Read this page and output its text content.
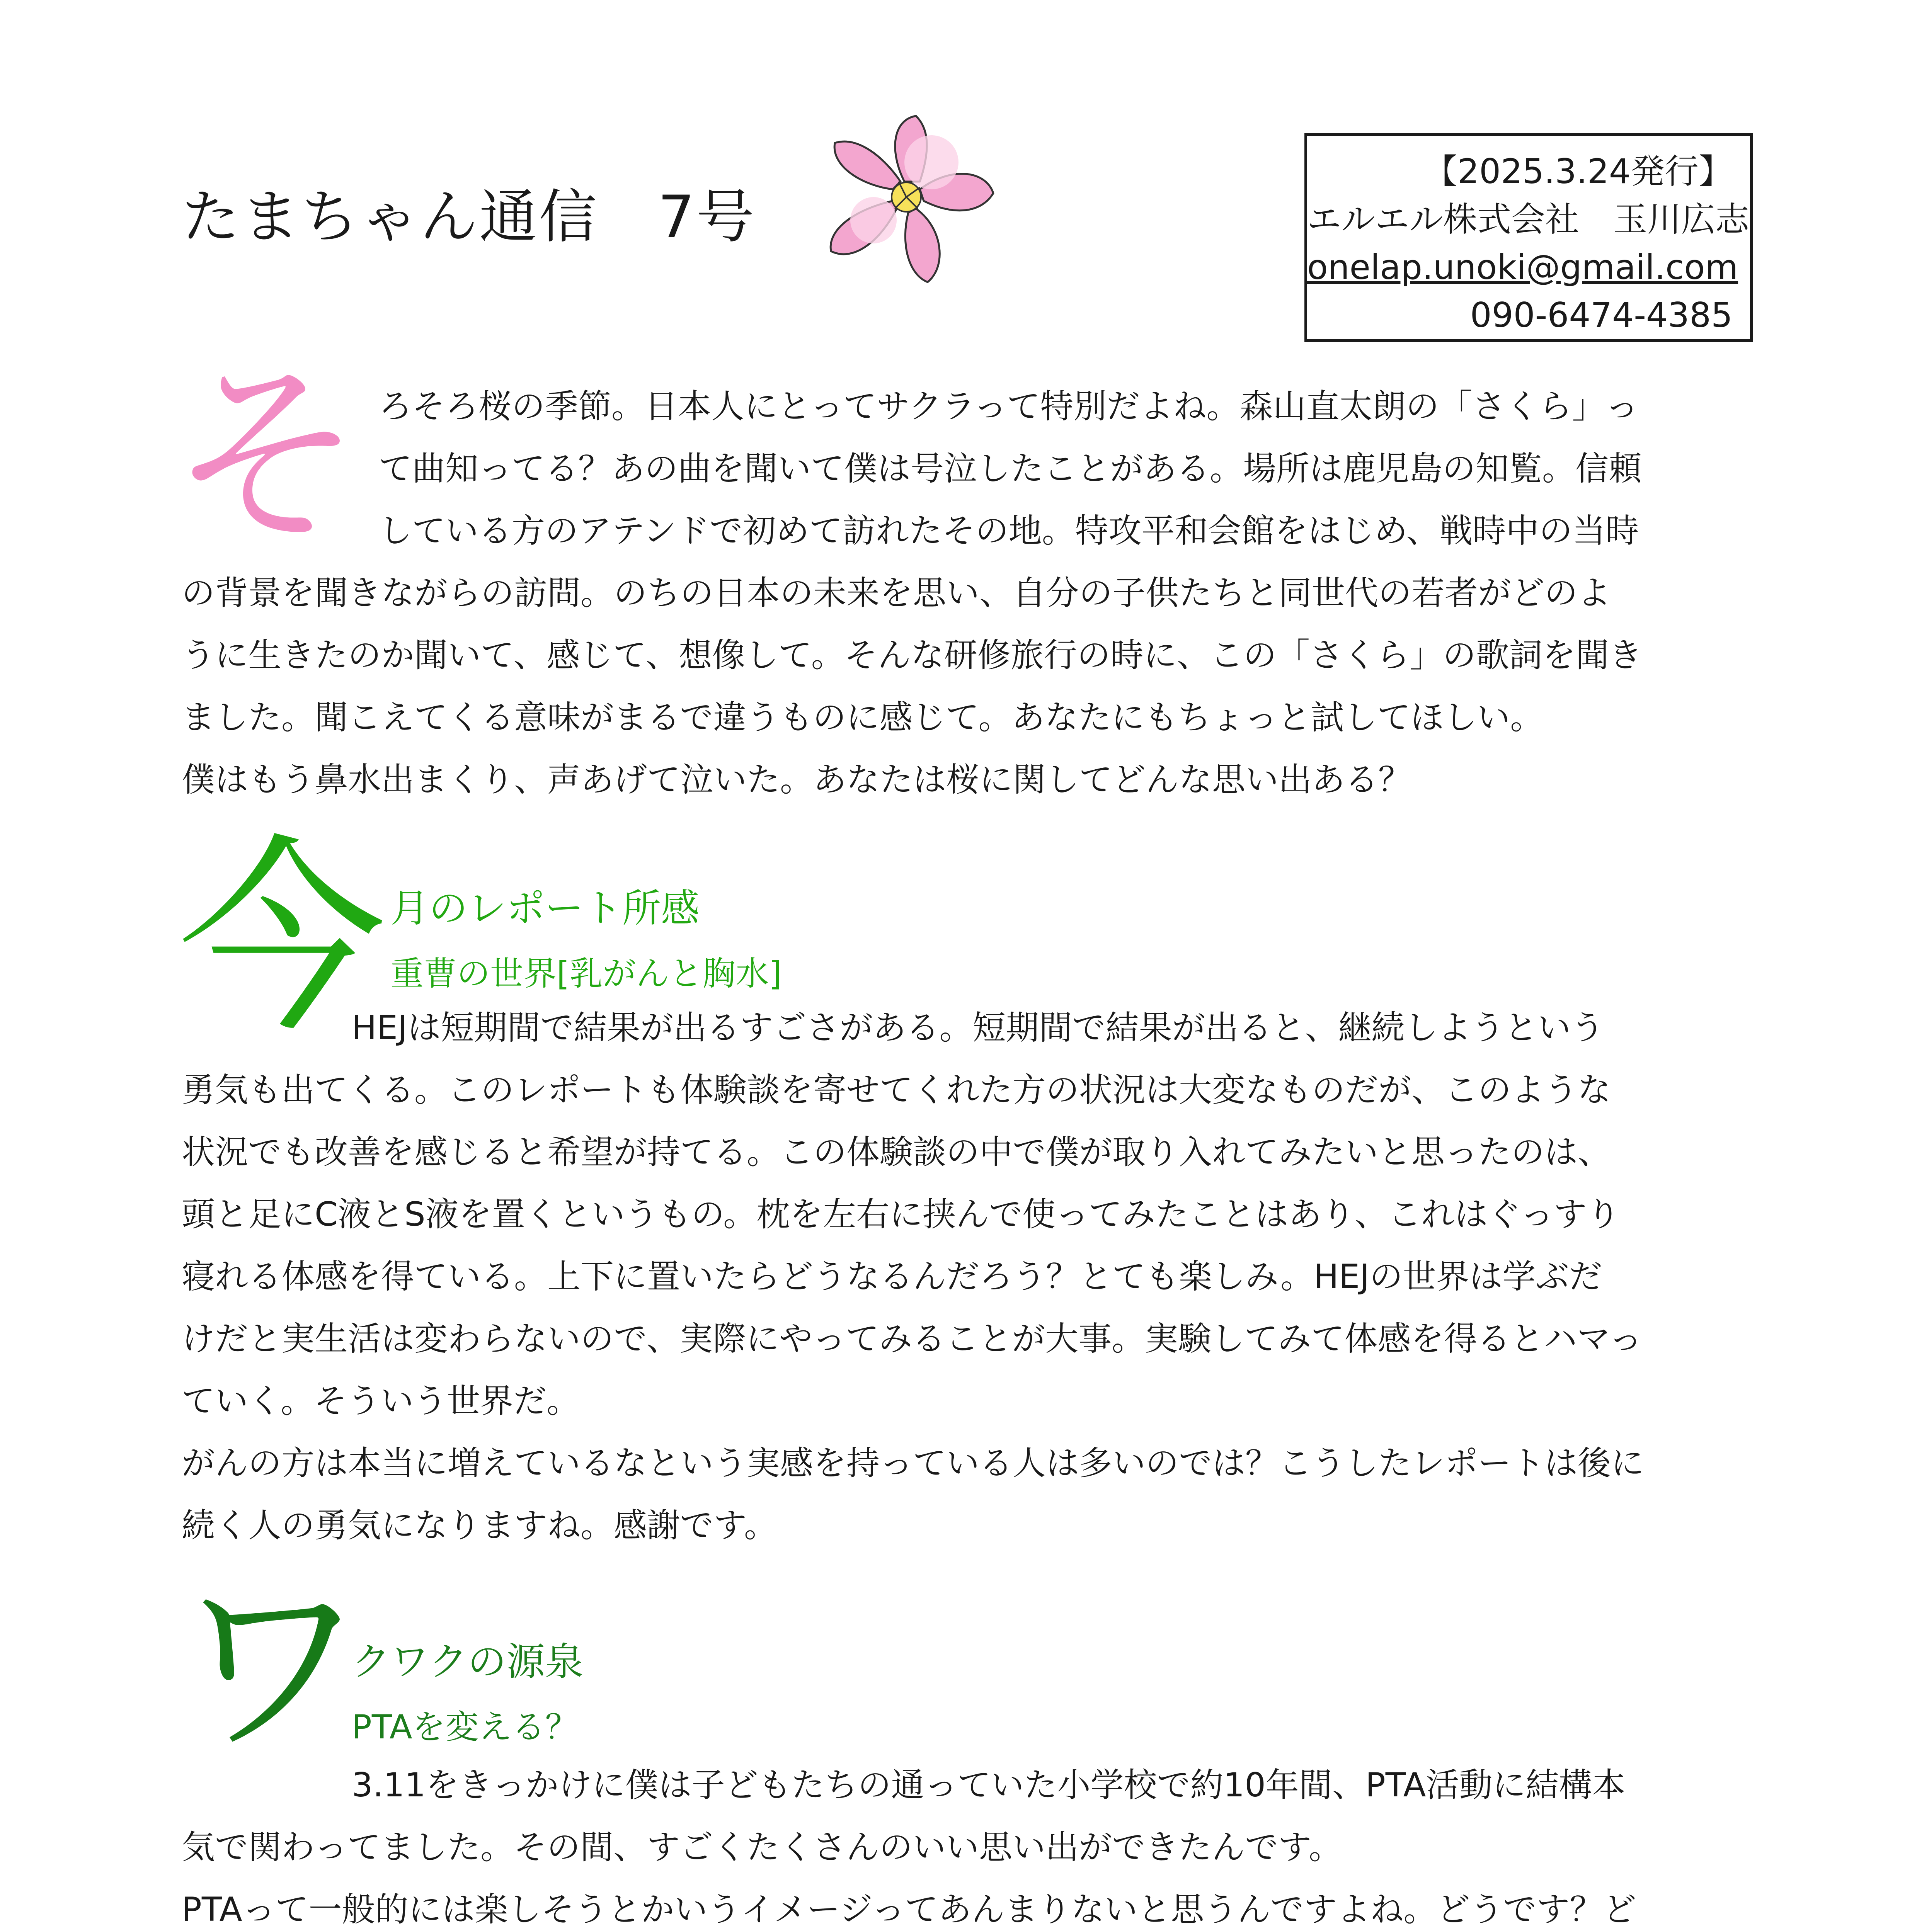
たまちゃん通信　7号
【2025.3.24発行】
エルエル株式会社　玉川広志
onelap.unoki@gmail.com
090-6474-4385
そ ろそろ桜の季節。日本人にとってサクラって特別だよね。森山直太朗の「さくら」っ
て曲知ってる？あの曲を聞いて僕は号泣したことがある。場所は鹿児島の知覧。信頼
している方のアテンドで初めて訪れたその地。特攻平和会館をはじめ、戦時中の当時
の背景を聞きながらの訪問。のちの日本の未来を思い、自分の子供たちと同世代の若者がどのよ
うに生きたのか聞いて、感じて、想像して。そんな研修旅行の時に、この「さくら」の歌詞を聞き
ました。聞こえてくる意味がまるで違うものに感じて。あなたにもちょっと試してほしい。
僕はもう鼻水出まくり、声あげて泣いた。あなたは桜に関してどんな思い出ある？
今 月のレポート所感
重曹の世界[乳がんと胸水]
HEJは短期間で結果が出るすごさがある。短期間で結果が出ると、継続しようという
勇気も出てくる。このレポートも体験談を寄せてくれた方の状況は大変なものだが、このような
状況でも改善を感じると希望が持てる。この体験談の中で僕が取り入れてみたいと思ったのは、
頭と足にC液とS液を置くというもの。枕を左右に挟んで使ってみたことはあり、これはぐっすり
寝れる体感を得ている。上下に置いたらどうなるんだろう？とても楽しみ。HEJの世界は学ぶだ
けだと実生活は変わらないので、実際にやってみることが大事。実験してみて体感を得るとハマっ
ていく。そういう世界だ。
がんの方は本当に増えているなという実感を持っている人は多いのでは？こうしたレポートは後に
続く人の勇気になりますね。感謝です。
ワ
クワクの源泉
PTAを変える？
3.11をきっかけに僕は子どもたちの通っていた小学校で約10年間、PTA活動に結構本
気で関わってました。その間、すごくたくさんのいい思い出ができたんです。
PTAって一般的には楽しそうとかいうイメージってあんまりないと思うんですよね。どうです？ど
